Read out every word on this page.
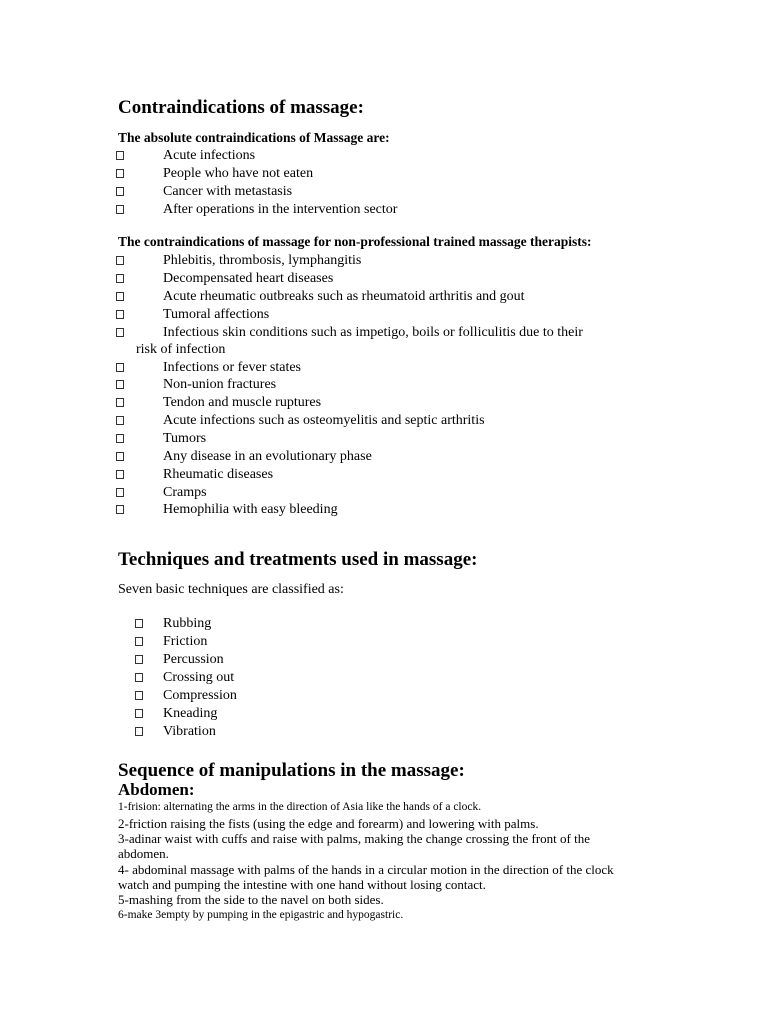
Contraindications of massage:
The absolute contraindications of Massage are:
Acute infections
People who have not eaten
Cancer with metastasis
After operations in the intervention sector
The contraindications of massage for non-professional trained massage therapists:
Phlebitis, thrombosis, lymphangitis
Decompensated heart diseases
Acute rheumatic outbreaks such as rheumatoid arthritis and gout
Tumoral affections
Infectious skin conditions such as impetigo, boils or folliculitis due to their
risk of infection
Infections or fever states
Non-union fractures
Tendon and muscle ruptures
Acute infections such as osteomyelitis and septic arthritis
Tumors
Any disease in an evolutionary phase
Rheumatic diseases
Cramps
Hemophilia with easy bleeding
Techniques and treatments used in massage:
Seven basic techniques are classified as:
Rubbing
Friction
Percussion
Crossing out
Compression
Kneading
Vibration
Sequence of manipulations in the massage:
Abdomen:
1-frision: alternating the arms in the direction of Asia like the hands of a clock.
2-friction raising the fists (using the edge and forearm) and lowering with palms.
3-adinar waist with cuffs and raise with palms, making the change crossing the front of the
abdomen.
4- abdominal massage with palms of the hands in a circular motion in the direction of the clock
watch and pumping the intestine with one hand without losing contact.
5-mashing from the side to the navel on both sides.
6-make 3empty by pumping in the epigastric and hypogastric.
